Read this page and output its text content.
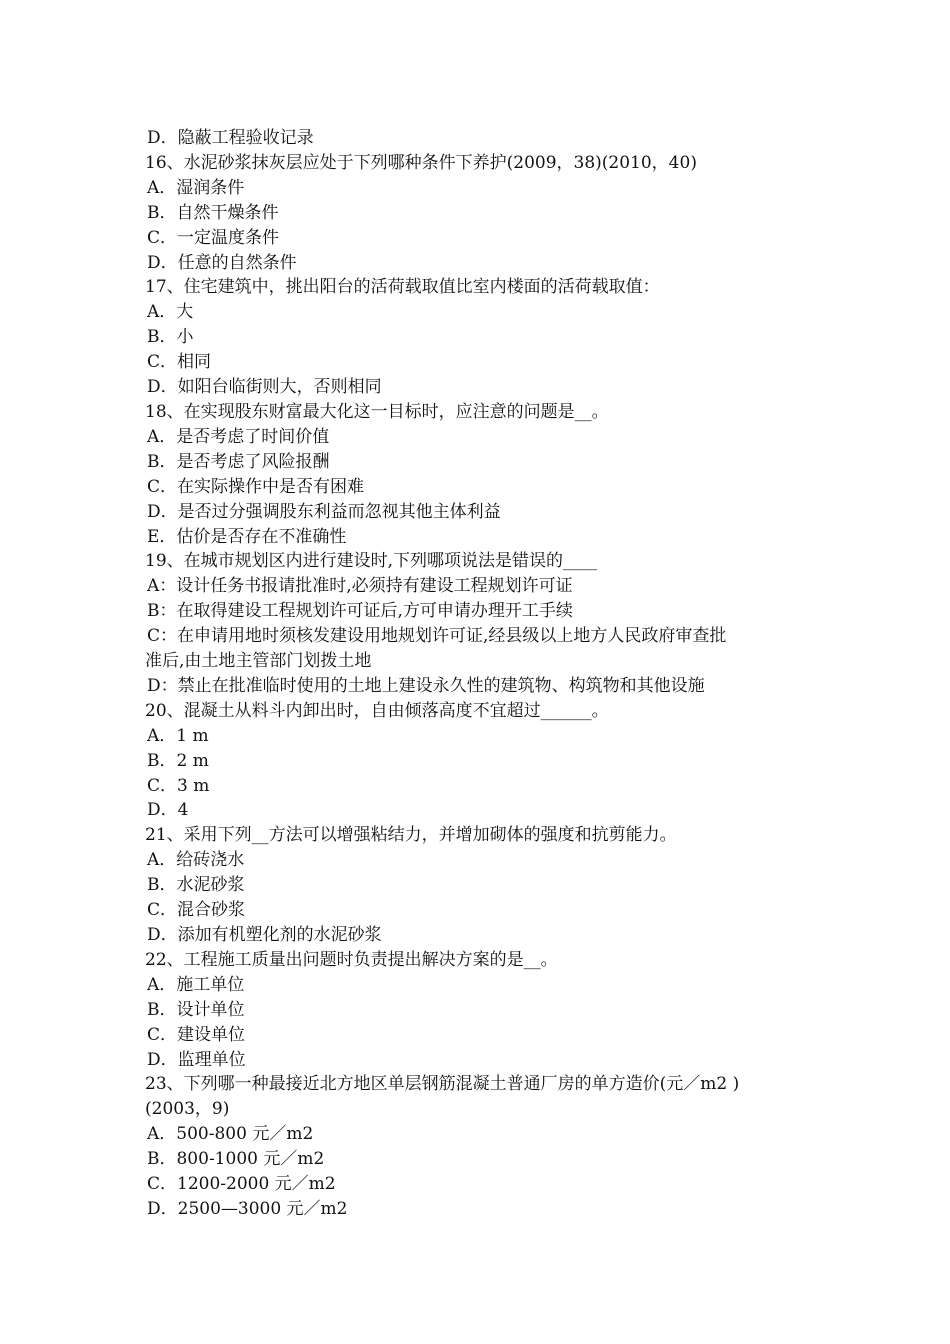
D．隐蔽工程验收记录
16、水泥砂浆抹灰层应处于下列哪种条件下养护(2009，38)(2010，40)
A．湿润条件
B．自然干燥条件
C．一定温度条件
D．任意的自然条件
17、住宅建筑中，挑出阳台的活荷载取值比室内楼面的活荷载取值：
A．大
B．小
C．相同
D．如阳台临街则大，否则相同
18、在实现股东财富最大化这一目标时，应注意的问题是__。
A．是否考虑了时间价值
B．是否考虑了风险报酬
C．在实际操作中是否有困难
D．是否过分强调股东利益而忽视其他主体利益
E．估价是否存在不准确性
19、在城市规划区内进行建设时,下列哪项说法是错误的____
A：设计任务书报请批准时,必须持有建设工程规划许可证
B：在取得建设工程规划许可证后,方可申请办理开工手续
C：在申请用地时须核发建设用地规划许可证,经县级以上地方人民政府审查批
准后,由土地主管部门划拨土地
D：禁止在批准临时使用的土地上建设永久性的建筑物、构筑物和其他设施
20、混凝土从料斗内卸出时，自由倾落高度不宜超过______。
A．1 m
B．2 m
C．3 m
D．4
21、采用下列__方法可以增强粘结力，并增加砌体的强度和抗剪能力。
A．给砖浇水
B．水泥砂浆
C．混合砂浆
D．添加有机塑化剂的水泥砂浆
22、工程施工质量出问题时负责提出解决方案的是__。
A．施工单位
B．设计单位
C．建设单位
D．监理单位
23、下列哪一种最接近北方地区单层钢筋混凝土普通厂房的单方造价(元／m2 )
(2003，9)
A．500-800 元／m2
B．800-1000 元／m2
C．1200-2000 元／m2
D．2500—3000 元／m2
